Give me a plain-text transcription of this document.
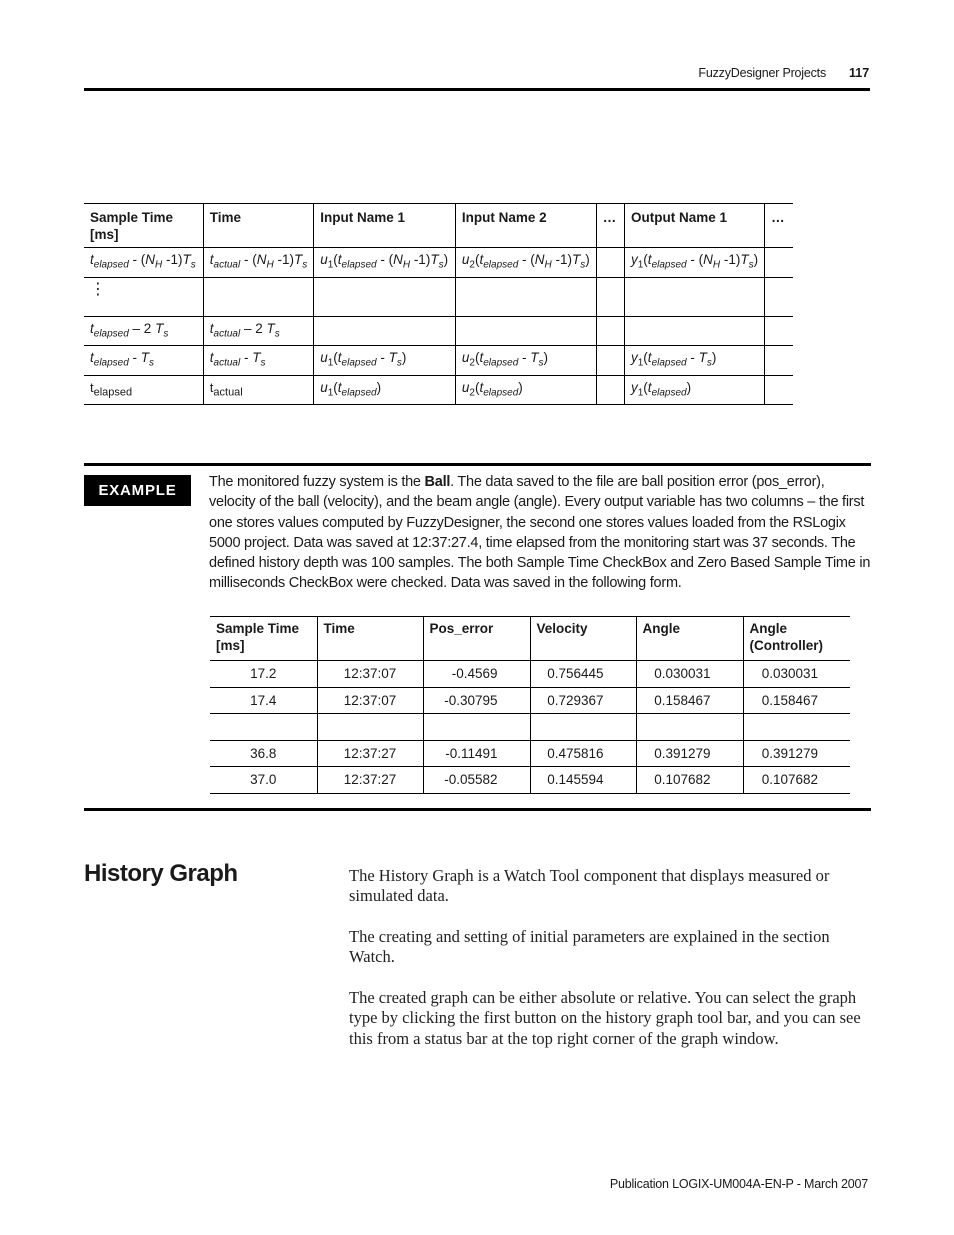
FuzzyDesigner Projects 117
Sample Time [ms]	Time	Input Name 1	Input Name 2	…	Output Name 1	…
$t_{elapsed} - (N_H$ $-1)T_s$	$t_{actual} - (N_H$ $-1)T_s$	$u_1(t_{elapsed} - (N_H$ $-1)T_s$)	$u_2(t_{elapsed} - (N_H$ $-1)T_s$)		$y_1(t_{elapsed} - (N_H$ $-1)T_s$)	
⋮						
$t_{elapsed} - 2$ $T_s$	$t_{actual} - 2$ $T_s$					
$t_{elapsed} - T_s$	$t_{actual} - T_s$	$u_1(t_{elapsed} - T_s)$	$u_2(t_{elapsed} - T_s)$		$y_1(t_{elapsed} - T_s)$	
$t_{elapsed}$	$t_{actual}$	$u_1(t_{elapsed})$	$u_2(t_{elapsed})$		$y_1(t_{elapsed})$	
EXAMPLE	The monitored fuzzy system is the Ball. The data saved to the file are ball position error (pos_error), velocity of the ball (velocity), and the beam angle (angle). Every output variable has two columns – the first one stores values computed by FuzzyDesigner, the second one stores values loaded from the RSLogix 5000 project. Data was saved at 12:37:27.4, time elapsed from the monitoring start was 37 seconds. The defined history depth was 100 samples. The both Sample Time CheckBox and Zero Based Sample Time in milliseconds CheckBox were checked. Data was saved in the following form.
Sample Time [ms]	Time	Pos_error	Velocity	Angle	Angle (Controller)
17.2	12:37:07	-0.4569	0.756445	0.030031	0.030031
17.4	12:37:07	-0.30795	0.729367	0.158467	0.158467

36.8	12:37:27	-0.11491	0.475816	0.391279	0.391279
37.0	12:37:27	-0.05582	0.145594	0.107682	0.107682
History Graph	The History Graph is a Watch Tool component that displays measured or simulated data.

The creating and setting of initial parameters are explained in the section Watch.

The created graph can be either absolute or relative. You can select the graph type by clicking the first button on the history graph tool bar, and you can see this from a status bar at the top right corner of the graph window.

Publication LOGIX-UM004A-EN-P - March 2007
